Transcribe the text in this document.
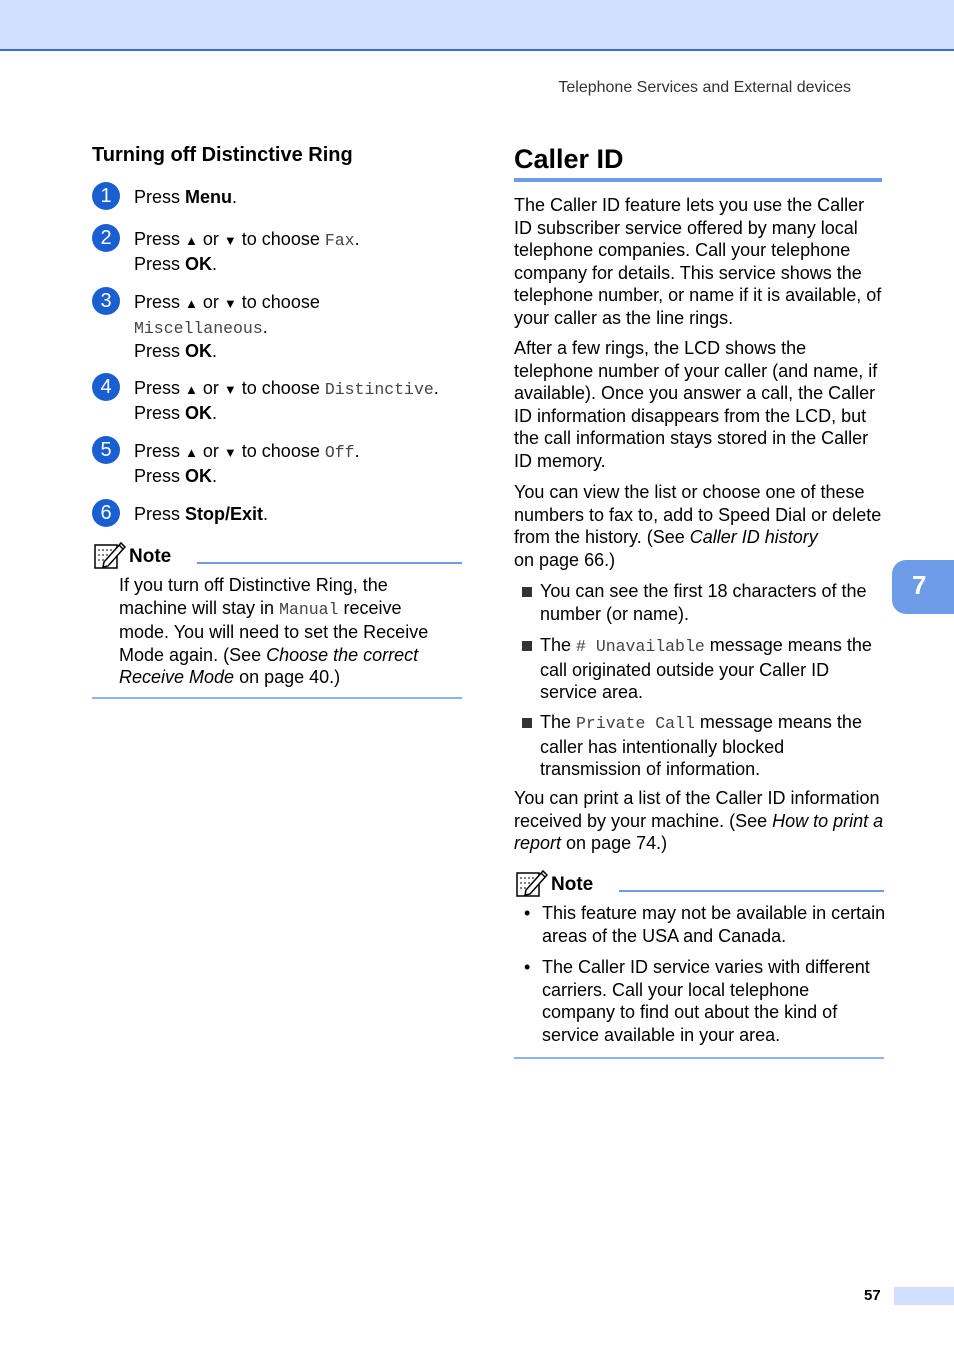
Telephone Services and External devices
Turning off Distinctive Ring
1	Press Menu.
2	Press ▲ or ▼ to choose Fax.
Press OK.
3	Press ▲ or ▼ to choose
Miscellaneous.
Press OK.
4	Press ▲ or ▼ to choose Distinctive.
Press OK.
5	Press ▲ or ▼ to choose Off.
Press OK.
6	Press Stop/Exit.
Note
If you turn off Distinctive Ring, the
machine will stay in Manual receive
mode. You will need to set the Receive
Mode again. (See Choose the correct
Receive Mode on page 40.)
Caller ID
The Caller ID feature lets you use the Caller ID subscriber service offered by many local telephone companies. Call your telephone company for details. This service shows the telephone number, or name if it is available, of your caller as the line rings.
After a few rings, the LCD shows the telephone number of your caller (and name, if available). Once you answer a call, the Caller ID information disappears from the LCD, but the call information stays stored in the Caller ID memory.
You can view the list or choose one of these numbers to fax to, add to Speed Dial or delete from the history. (See Caller ID history
on page 66.)
You can see the first 18 characters of the number (or name).
The # Unavailable message means the call originated outside your Caller ID service area.
The Private Call message means the caller has intentionally blocked transmission of information.
You can print a list of the Caller ID information received by your machine. (See How to print a report on page 74.)
Note
• This feature may not be available in certain areas of the USA and Canada.
• The Caller ID service varies with different carriers. Call your local telephone company to find out about the kind of service available in your area.
7
57
